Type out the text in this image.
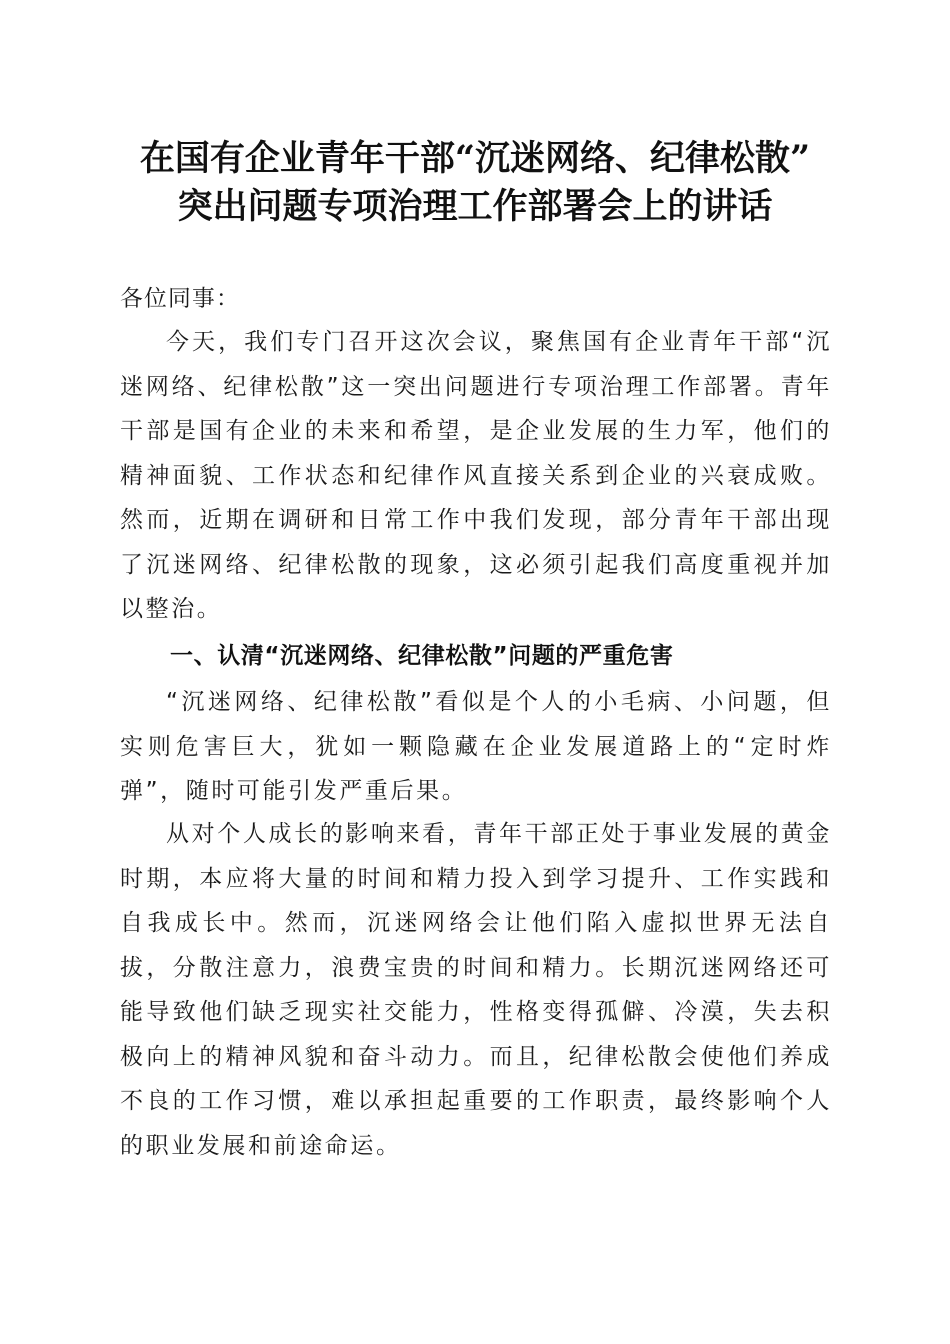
在国有企业青年干部“沉迷网络、纪律松散”
突出问题专项治理工作部署会上的讲话
各位同事：

今天，我们专门召开这次会议，聚焦国有企业青年干部“沉迷网络、纪律松散”这一突出问题进行专项治理工作部署。青年干部是国有企业的未来和希望，是企业发展的生力军，他们的精神面貌、工作状态和纪律作风直接关系到企业的兴衰成败。然而，近期在调研和日常工作中我们发现，部分青年干部出现了沉迷网络、纪律松散的现象，这必须引起我们高度重视并加以整治。

一、认清“沉迷网络、纪律松散”问题的严重危害

“沉迷网络、纪律松散”看似是个人的小毛病、小问题，但实则危害巨大，犹如一颗隐藏在企业发展道路上的“定时炸弹”，随时可能引发严重后果。

从对个人成长的影响来看，青年干部正处于事业发展的黄金时期，本应将大量的时间和精力投入到学习提升、工作实践和自我成长中。然而，沉迷网络会让他们陷入虚拟世界无法自拔，分散注意力，浪费宝贵的时间和精力。长期沉迷网络还可能导致他们缺乏现实社交能力，性格变得孤僻、冷漠，失去积极向上的精神风貌和奋斗动力。而且，纪律松散会使他们养成不良的工作习惯，难以承担起重要的工作职责，最终影响个人的职业发展和前途命运。
